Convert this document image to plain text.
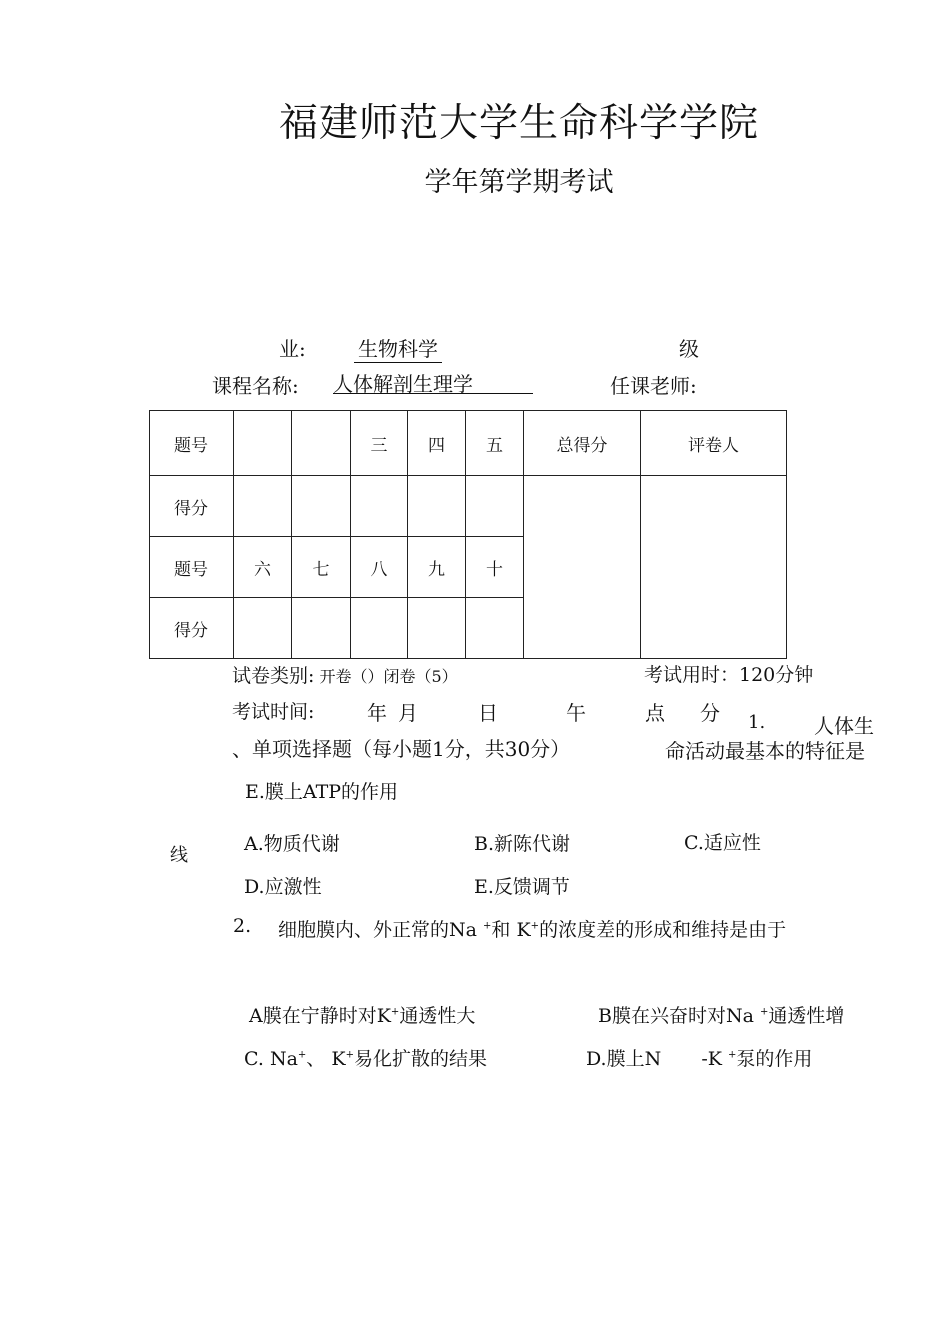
福建师范大学生命科学学院
学年第学期考试
业:	生物科学	级
课程名称: 人体解剖生理学	任课老师:
题号			三	四	五	总得分	评卷人
得分							
题号	六	七	八	九	十		
得分							
试卷类别: 开卷（）闭卷（5）	考试用时：120分钟
考试时间:	年 月	日	午	点 分 1. 人体生
、单项选择题（每小题1分，共30分）	命活动最基本的特征是
E.膜上ATP的作用
线
A.物质代谢	B.新陈代谢	C.适应性
D.应激性	E.反馈调节
2. 细胞膜内、外正常的Na +和 K+的浓度差的形成和维持是由于
A膜在宁静时对K+通透性大	B膜在兴奋时对Na +通透性增
C. Na+、 K+易化扩散的结果	D.膜上N -K +泵的作用
